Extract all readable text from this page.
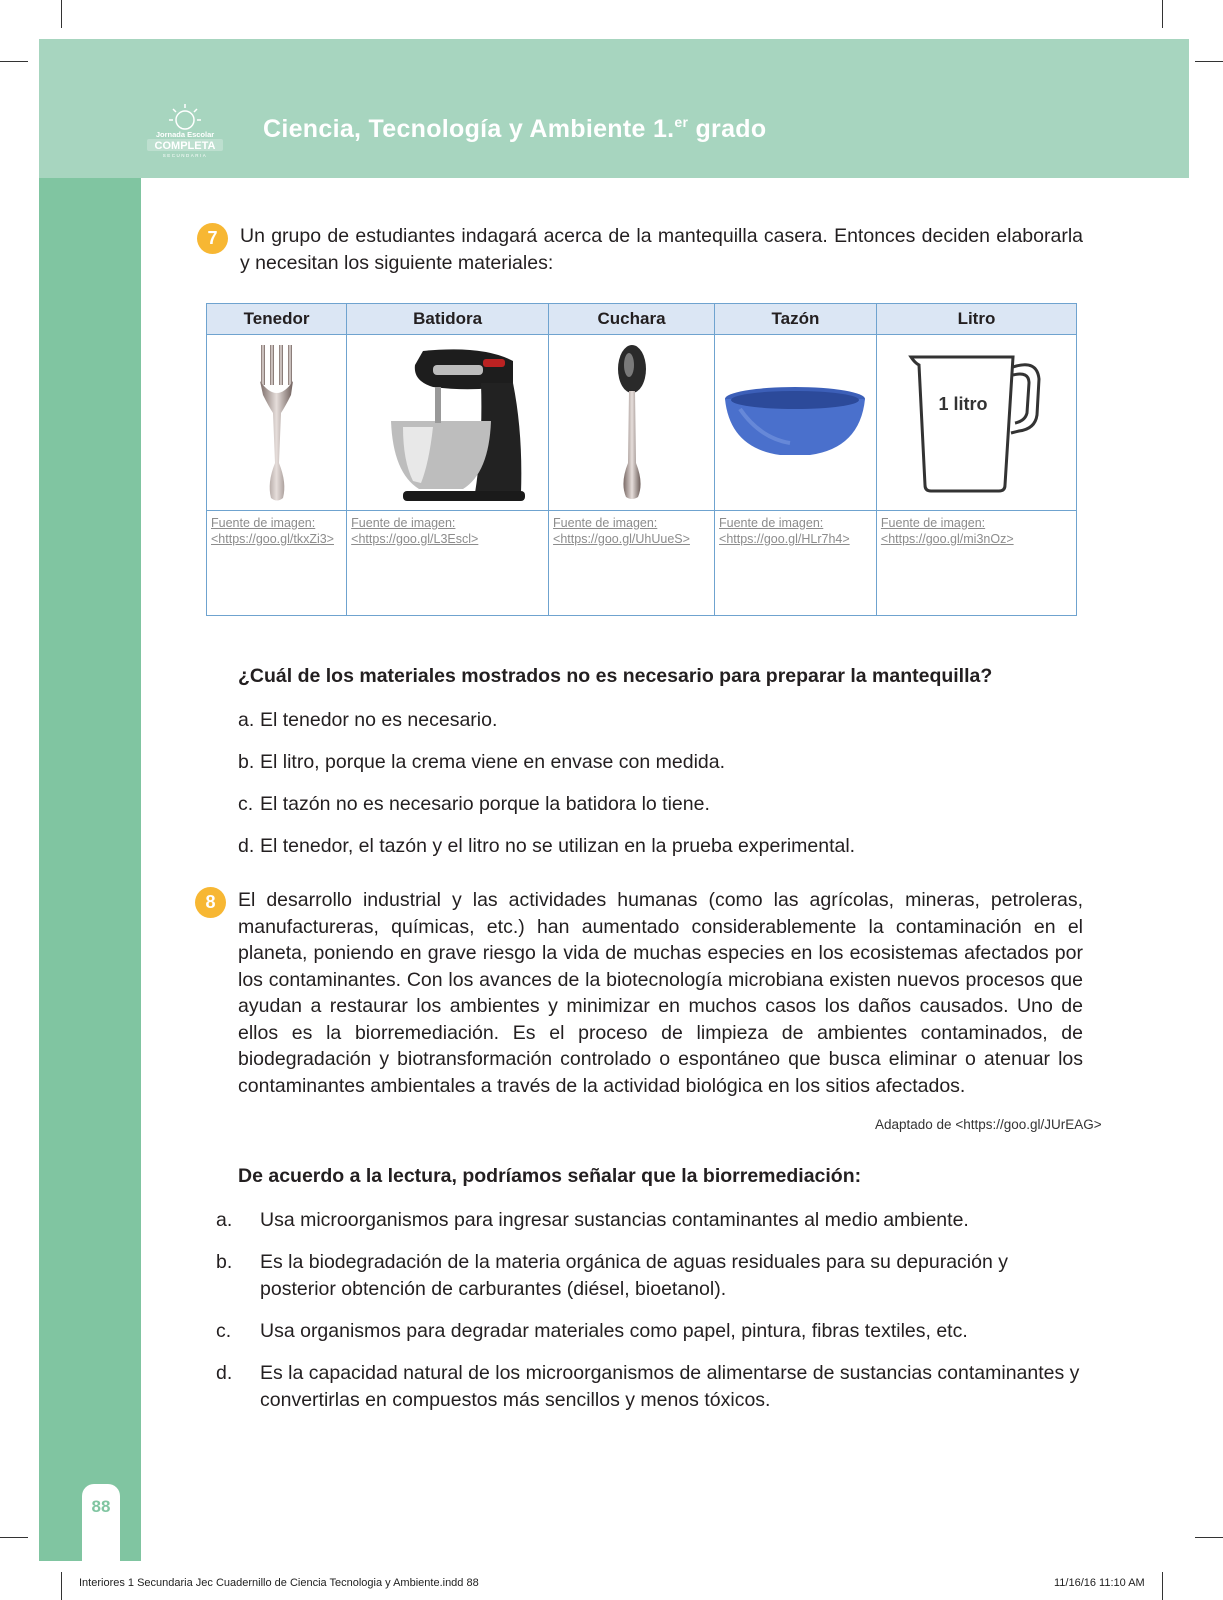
Jornada Escolar
COMPLETA
SECUNDARIA
Ciencia, Tecnología y Ambiente 1.$^{er}$ grado
7	Un grupo de estudiantes indagará acerca de la mantequilla casera. Entonces deciden elaborarla y necesitan los siguiente materiales:
Tenedor	Batidora	Cuchara	Tazón	Litro

1 litro

Fuente de imagen: <https://goo.gl/tkxZi3>	Fuente de imagen: <https://goo.gl/L3Escl>	Fuente de imagen: <https://goo.gl/UhUueS>	Fuente de imagen: <https://goo.gl/HLr7h4>	Fuente de imagen: <https://goo.gl/mi3nOz>
¿Cuál de los materiales mostrados no es necesario para preparar la mantequilla?
a. El tenedor no es necesario.
b. El litro, porque la crema viene en envase con medida.
c. El tazón no es necesario porque la batidora lo tiene.
d. El tenedor, el tazón y el litro no se utilizan en la prueba experimental.
8	El desarrollo industrial y las actividades humanas (como las agrícolas, mineras, petroleras, manufactureras, químicas, etc.) han aumentado considerablemente la contaminación en el planeta, poniendo en grave riesgo la vida de muchas especies en los ecosistemas afectados por los contaminantes. Con los avances de la biotecnología microbiana existen nuevos procesos que ayudan a restaurar los ambientes y minimizar en muchos casos los daños causados. Uno de ellos es la biorremediación. Es el proceso de limpieza de ambientes contaminados, de biodegradación y biotransformación controlado o espontáneo que busca eliminar o atenuar los contaminantes ambientales a través de la actividad biológica en los sitios afectados.
Adaptado de <https://goo.gl/JUrEAG>
De acuerdo a la lectura, podríamos señalar que la biorremediación:
a. Usa microorganismos para ingresar sustancias contaminantes al medio ambiente.
b. Es la biodegradación de la materia orgánica de aguas residuales para su depuración y posterior obtención de carburantes (diésel, bioetanol).
c. Usa organismos para degradar materiales como papel, pintura, fibras textiles, etc.
d. Es la capacidad natural de los microorganismos de alimentarse de sustancias contaminantes y convertirlas en compuestos más sencillos y menos tóxicos.
88
Interiores 1 Secundaria Jec Cuadernillo de Ciencia Tecnologia y Ambiente.indd 88	11/16/16 11:10 AM
